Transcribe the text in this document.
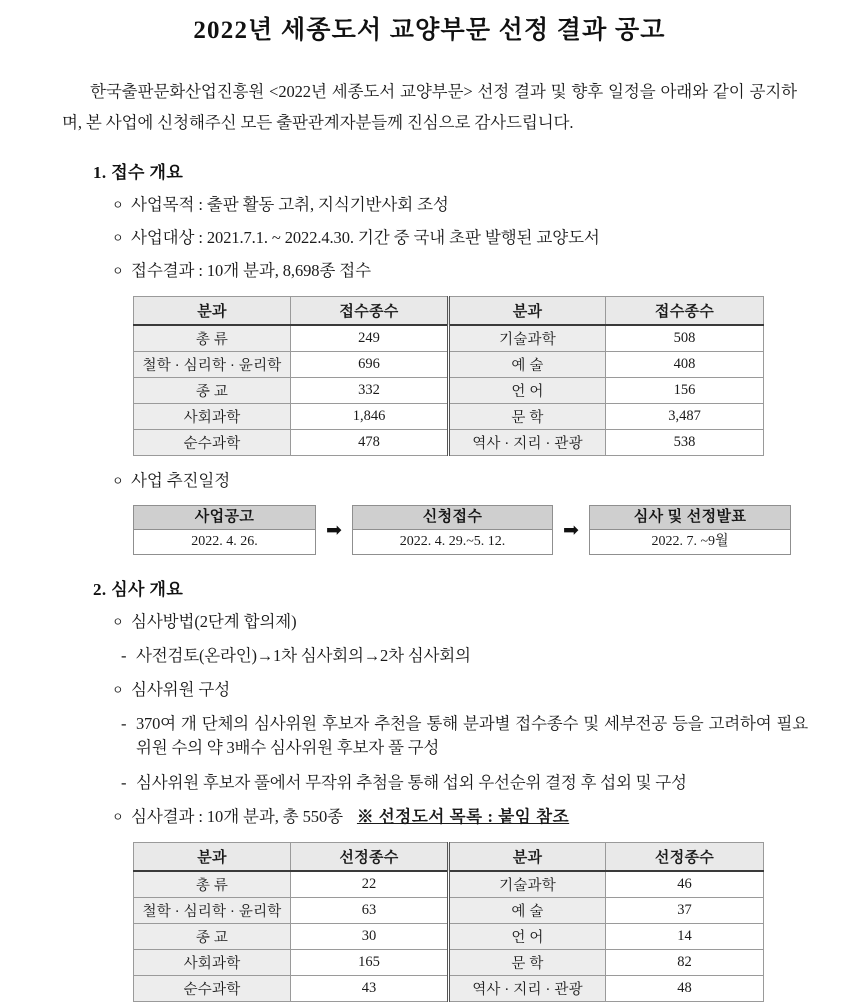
2022년 세종도서 교양부문 선정 결과 공고

한국출판문화산업진흥원 <2022년 세종도서 교양부문> 선정 결과 및 향후 일정을 아래와 같이 공지하며, 본 사업에 신청해주신 모든 출판관계자분들께 진심으로 감사드립니다.

1. 접수 개요
ㅇ 사업목적 : 출판 활동 고취, 지식기반사회 조성
ㅇ 사업대상 : 2021.7.1. ~ 2022.4.30. 기간 중 국내 초판 발행된 교양도서
ㅇ 접수결과 : 10개 분과, 8,698종 접수
분과	접수종수	분과	접수종수
총 류	249	기술과학	508
철학 · 심리학 · 윤리학	696	예 술	408
종 교	332	언 어	156
사회과학	1,846	문 학	3,487
순수과학	478	역사 · 지리 · 관광	538
ㅇ 사업 추진일정
사업공고
2022. 4. 26.
➡
신청접수
2022. 4. 29.~5. 12.
➡
심사 및 선정발표
2022. 7. ~9월
2. 심사 개요
ㅇ 심사방법(2단계 합의제)
- 사전검토(온라인)→1차 심사회의→2차 심사회의
ㅇ 심사위원 구성
- 370여 개 단체의 심사위원 후보자 추천을 통해 분과별 접수종수 및 세부전공 등을 고려하여 필요 위원 수의 약 3배수 심사위원 후보자 풀 구성
- 심사위원 후보자 풀에서 무작위 추첨을 통해 섭외 우선순위 결정 후 섭외 및 구성
ㅇ 심사결과 : 10개 분과, 총 550종 ※ 선정도서 목록 : 붙임 참조
분과	선정종수	분과	선정종수
총 류	22	기술과학	46
철학 · 심리학 · 윤리학	63	예 술	37
종 교	30	언 어	14
사회과학	165	문 학	82
순수과학	43	역사 · 지리 · 관광	48
